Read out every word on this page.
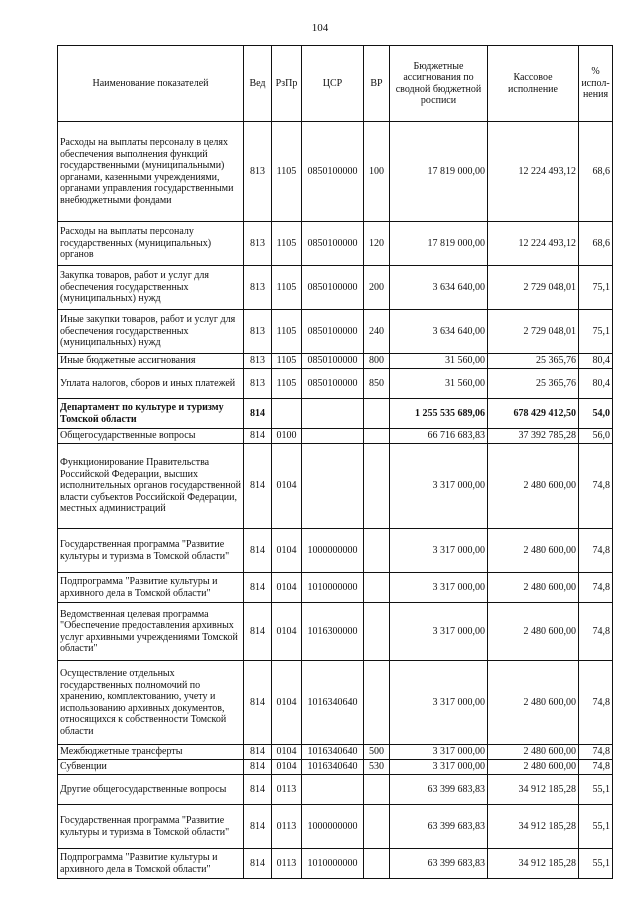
104
Наименование показателей	Вед	РзПр	ЦСР	ВР	Бюджетные ассигнования по сводной бюджетной росписи	Кассовое исполнение	% испол-нения
Расходы на выплаты персоналу в целях обеспечения выполнения функций государственными (муниципальными) органами, казенными учреждениями, органами управления государственными внебюджетными фондами	813	1105	0850100000	100	17 819 000,00	12 224 493,12	68,6
Расходы на выплаты персоналу государственных (муниципальных) органов	813	1105	0850100000	120	17 819 000,00	12 224 493,12	68,6
Закупка товаров, работ и услуг для обеспечения государственных (муниципальных) нужд	813	1105	0850100000	200	3 634 640,00	2 729 048,01	75,1
Иные закупки товаров, работ и услуг для обеспечения государственных (муниципальных) нужд	813	1105	0850100000	240	3 634 640,00	2 729 048,01	75,1
Иные бюджетные ассигнования	813	1105	0850100000	800	31 560,00	25 365,76	80,4
Уплата налогов, сборов и иных платежей	813	1105	0850100000	850	31 560,00	25 365,76	80,4
Департамент по культуре и туризму Томской области	814				1 255 535 689,06	678 429 412,50	54,0
Общегосударственные вопросы	814	0100			66 716 683,83	37 392 785,28	56,0
Функционирование Правительства Российской Федерации, высших исполнительных органов государственной власти субъектов Российской Федерации, местных администраций	814	0104			3 317 000,00	2 480 600,00	74,8
Государственная программа "Развитие культуры и туризма в Томской области"	814	0104	1000000000		3 317 000,00	2 480 600,00	74,8
Подпрограмма "Развитие культуры и архивного дела в Томской области"	814	0104	1010000000		3 317 000,00	2 480 600,00	74,8
Ведомственная целевая программа "Обеспечение предоставления архивных услуг архивными учреждениями Томской области"	814	0104	1016300000		3 317 000,00	2 480 600,00	74,8
Осуществление отдельных государственных полномочий по хранению, комплектованию, учету и использованию архивных документов, относящихся к собственности Томской области	814	0104	1016340640		3 317 000,00	2 480 600,00	74,8
Межбюджетные трансферты	814	0104	1016340640	500	3 317 000,00	2 480 600,00	74,8
Субвенции	814	0104	1016340640	530	3 317 000,00	2 480 600,00	74,8
Другие общегосударственные вопросы	814	0113			63 399 683,83	34 912 185,28	55,1
Государственная программа "Развитие культуры и туризма в Томской области"	814	0113	1000000000		63 399 683,83	34 912 185,28	55,1
Подпрограмма "Развитие культуры и архивного дела в Томской области"	814	0113	1010000000		63 399 683,83	34 912 185,28	55,1
